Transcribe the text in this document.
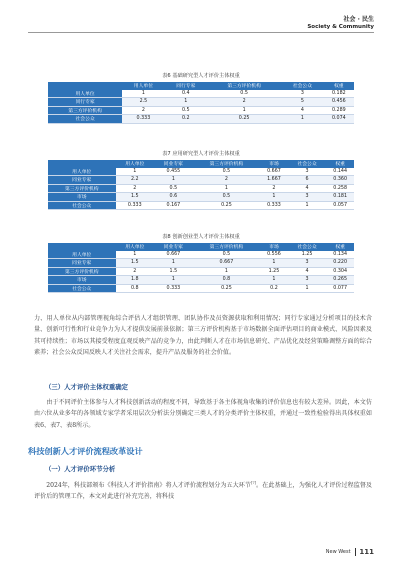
社会 · 民生
Society & Community
表6 基础研究型人才评价主体权重
	用人单位	同行专家	第三方评价机构	社会公众	权重
用人单位	1	0.4	0.5	3	0.182
同行专家	2.5	1	2	5	0.456
第三方评价机构	2	0.5	1	4	0.289
社会公众	0.333	0.2	0.25	1	0.074
表7 应用研究型人才评价主体权重
	用人单位	同业专家	第三方评价机构	市场	社会公众	权重
用人单位	1	0.455	0.5	0.667	3	0.144
同业专家	2.2	1	2	1.667	6	0.360
第三方评价机构	2	0.5	1	2	4	0.258
市场	1.5	0.6	0.5	1	3	0.181
社会公众	0.333	0.167	0.25	0.333	1	0.057
表8 创新创业型人才评价主体权重
	用人单位	同业专家	第三方评价机构	市场	社会公众	权重
用人单位	1	0.667	0.5	0.556	1.25	0.134
同业专家	1.5	1	0.667	1	3	0.220
第三方评价机构	2	1.5	1	1.25	4	0.304
市场	1.8	1	0.8	1	3	0.265
社会公众	0.8	0.333	0.25	0.2	1	0.077

力、用人单位从内部管理视角综合评估人才组织管理、团队协作及员资源获取和利用情况；同行专家通过分析项目的技术含量、创新可行性和行业竞争力为人才提供发展前景依据；第三方评价机构基于市场数据全面评估项目的商业模式、风险因素及其可持续性；市场以其接受程度直观反映产品的竞争力，由此判断人才在市场信息研究、产品优化及经营策略调整方面的综合素养；社会公众反国反映人才关注社会需求，提升产品及服务的社会价值。

（三）人才评价主体权重确定

由于不同评价主体参与人才科技创新活动的程度不同，导致基于各主体视角收集的评价信息也有较大差异。因此，本文仿由六位从业多年的各领域专家学者采用层次分析法分别确定三类人才的分类评价主体权重，并通过一致性检验得出具体权重如表6、表7、表8所示。

科技创新人才评价流程改革设计
（一）人才评价环节分析

2024年，科技部颁布《科技人才评价指南》将人才评价流程划分为五大环节[7]。在此基础上，为强化人才评价过程监督及评价后的管理工作，本文对此进行补充完善，将科技

New West 111
